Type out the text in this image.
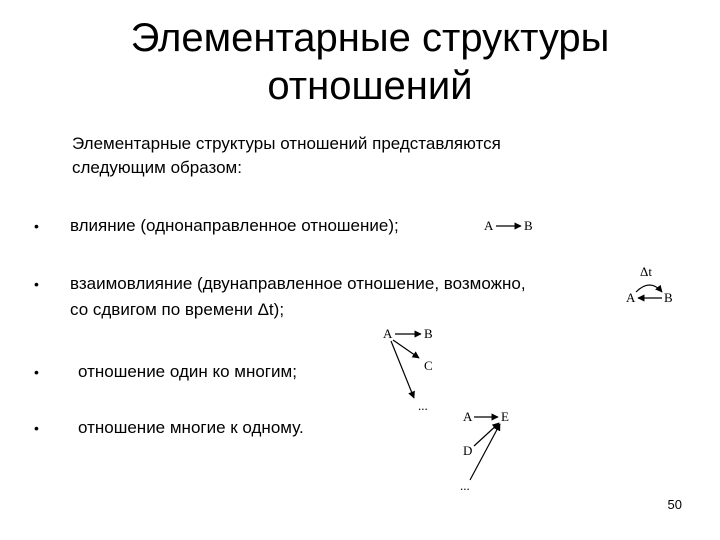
Элементарные структуры
отношений
Элементарные структуры отношений представляются
следующим образом:
• влияние (однонаправленное отношение);
• взаимовлияние (двунаправленное отношение, возможно,
со сдвигом по времени Δt);
• отношение один ко многим;
• отношение многие к одному.
A B
Δt
A B
A B
C
...
A E
D
...
50
